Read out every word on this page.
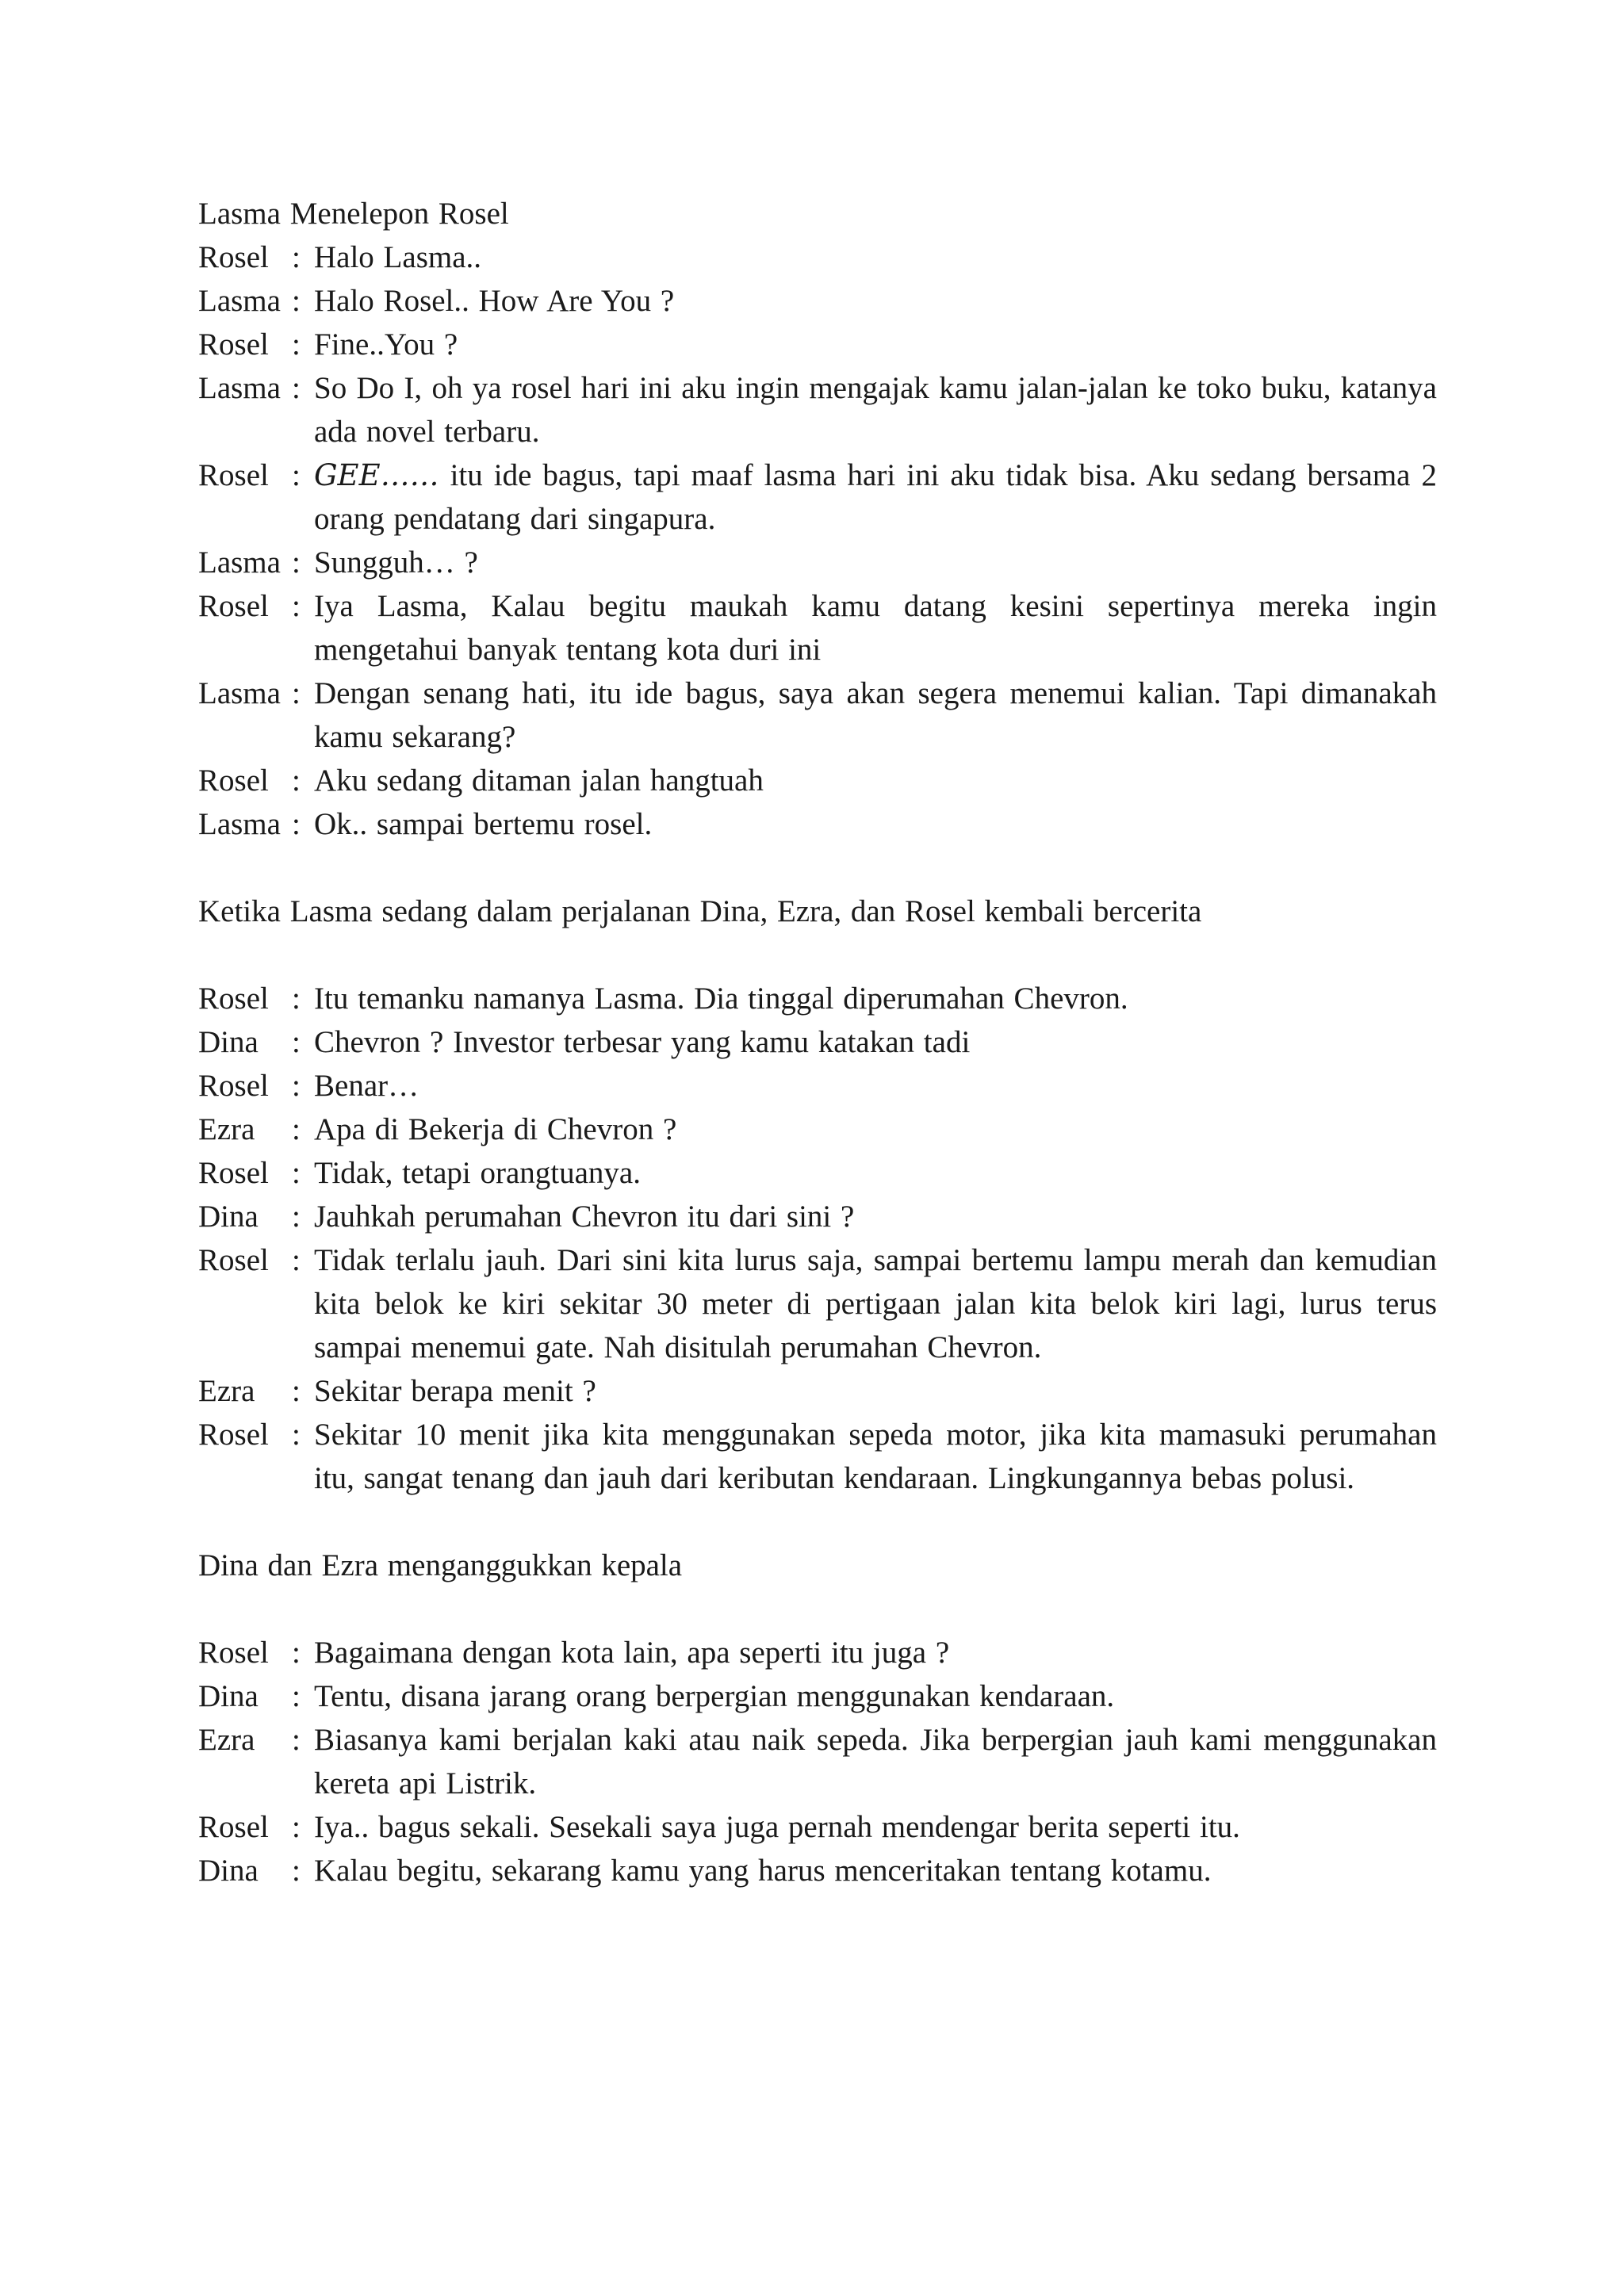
Lasma Menelepon Rosel

Rosel : Halo Lasma..
Lasma : Halo Rosel.. How Are You ?
Rosel : Fine..You ?
Lasma : So Do I, oh ya rosel hari ini aku ingin mengajak kamu jalan-jalan ke toko buku, katanya ada novel terbaru.
Rosel : GEE…… itu ide bagus, tapi maaf lasma hari ini aku tidak bisa. Aku sedang bersama 2 orang pendatang dari singapura.
Lasma : Sungguh… ?
Rosel : Iya Lasma, Kalau begitu maukah kamu datang kesini sepertinya mereka ingin mengetahui banyak tentang kota duri ini
Lasma : Dengan senang hati, itu ide bagus, saya akan segera menemui kalian. Tapi dimanakah kamu sekarang?
Rosel : Aku sedang ditaman jalan hangtuah
Lasma : Ok.. sampai bertemu rosel.

Ketika Lasma sedang dalam perjalanan Dina, Ezra, dan Rosel kembali bercerita

Rosel : Itu temanku namanya Lasma. Dia tinggal diperumahan Chevron.
Dina	: Chevron ? Investor terbesar yang kamu katakan tadi
Rosel : Benar…
Ezra	: Apa di Bekerja di Chevron ?
Rosel : Tidak, tetapi orangtuanya.
Dina	: Jauhkah perumahan Chevron itu dari sini ?
Rosel : Tidak terlalu jauh. Dari sini kita lurus saja, sampai bertemu lampu merah dan kemudian kita belok ke kiri sekitar 30 meter di pertigaan jalan kita belok kiri lagi, lurus terus sampai menemui gate. Nah disitulah perumahan Chevron.
Ezra	: Sekitar berapa menit ?
Rosel : Sekitar 10 menit jika kita menggunakan sepeda motor, jika kita mamasuki perumahan itu, sangat tenang dan jauh dari keributan kendaraan. Lingkungannya bebas polusi.

Dina dan Ezra menganggukkan kepala

Rosel : Bagaimana dengan kota lain, apa seperti itu juga ?
Dina	: Tentu, disana jarang orang berpergian menggunakan kendaraan.
Ezra	: Biasanya kami berjalan kaki atau naik sepeda. Jika berpergian jauh kami menggunakan kereta api Listrik.
Rosel : Iya.. bagus sekali. Sesekali saya juga pernah mendengar berita seperti itu.
Dina	: Kalau begitu, sekarang kamu yang harus menceritakan tentang kotamu.
